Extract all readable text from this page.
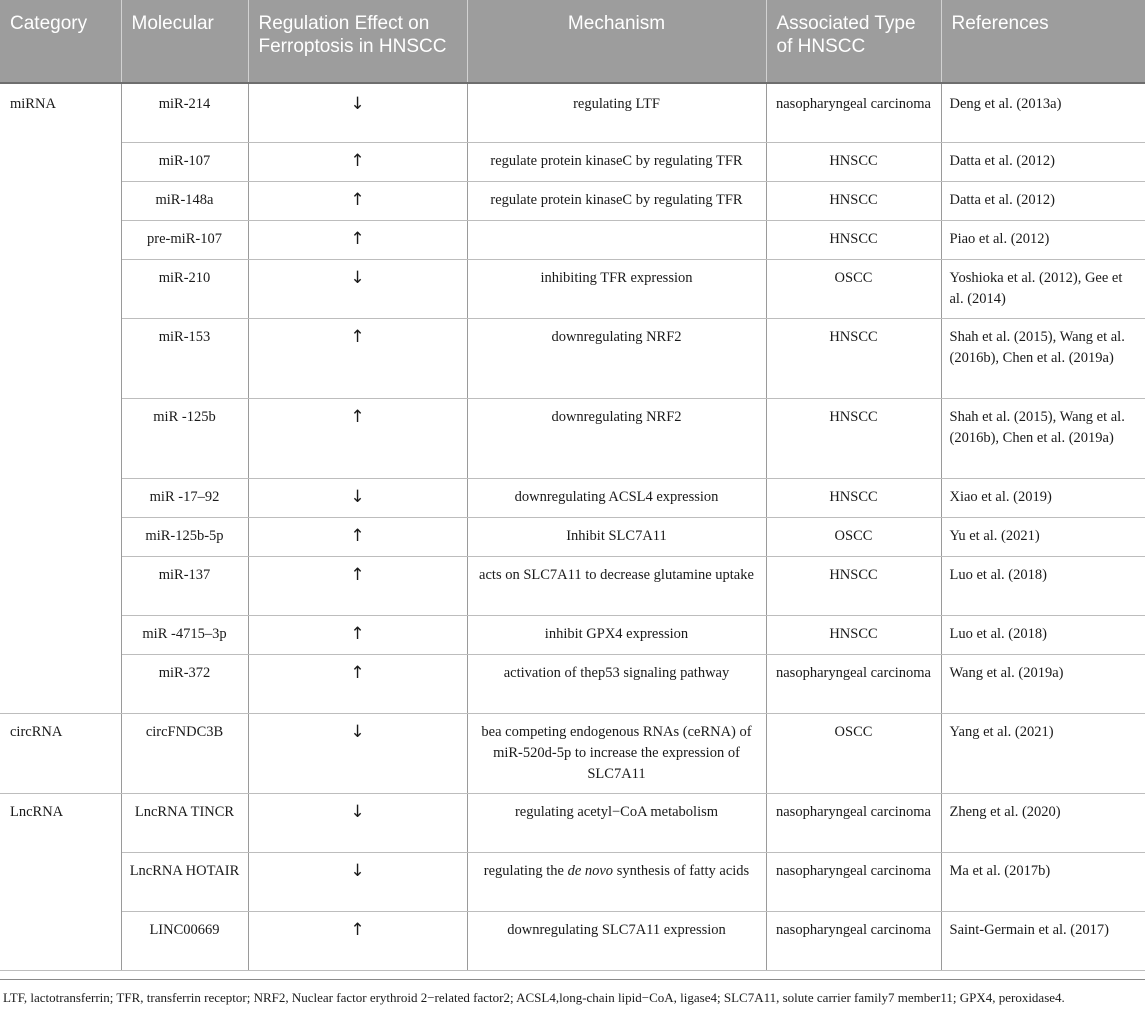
Category	Molecular	Regulation Effect on Ferroptosis in HNSCC	Mechanism	Associated Type of HNSCC	References
miRNA	miR-214	↓	regulating LTF	nasopharyngeal carcinoma	Deng et al. (2013a)
	miR-107	↑	regulate protein kinaseC by regulating TFR	HNSCC	Datta et al. (2012)
	miR-148a	↑	regulate protein kinaseC by regulating TFR	HNSCC	Datta et al. (2012)
	pre-miR-107	↑		HNSCC	Piao et al. (2012)
	miR-210	↓	inhibiting TFR expression	OSCC	Yoshioka et al. (2012), Gee et al. (2014)
	miR-153	↑	downregulating NRF2	HNSCC	Shah et al. (2015), Wang et al. (2016b), Chen et al. (2019a)
	miR -125b	↑	downregulating NRF2	HNSCC	Shah et al. (2015), Wang et al. (2016b), Chen et al. (2019a)
	miR -17–92	↓	downregulating ACSL4 expression	HNSCC	Xiao et al. (2019)
	miR-125b-5p	↑	Inhibit SLC7A11	OSCC	Yu et al. (2021)
	miR-137	↑	acts on SLC7A11 to decrease glutamine uptake	HNSCC	Luo et al. (2018)
	miR -4715–3p	↑	inhibit GPX4 expression	HNSCC	Luo et al. (2018)
	miR-372	↑	activation of thep53 signaling pathway	nasopharyngeal carcinoma	Wang et al. (2019a)
circRNA	circFNDC3B	↓	bea competing endogenous RNAs (ceRNA) of miR-520d-5p to increase the expression of SLC7A11	OSCC	Yang et al. (2021)
LncRNA	LncRNA TINCR	↓	regulating acetyl−CoA metabolism	nasopharyngeal carcinoma	Zheng et al. (2020)
	LncRNA HOTAIR	↓	regulating the de novo synthesis of fatty acids	nasopharyngeal carcinoma	Ma et al. (2017b)
	LINC00669	↑	downregulating SLC7A11 expression	nasopharyngeal carcinoma	Saint-Germain et al. (2017)
LTF, lactotransferrin; TFR, transferrin receptor; NRF2, Nuclear factor erythroid 2−related factor2; ACSL4,long-chain lipid−CoA, ligase4; SLC7A11, solute carrier family7 member11; GPX4, peroxidase4.
